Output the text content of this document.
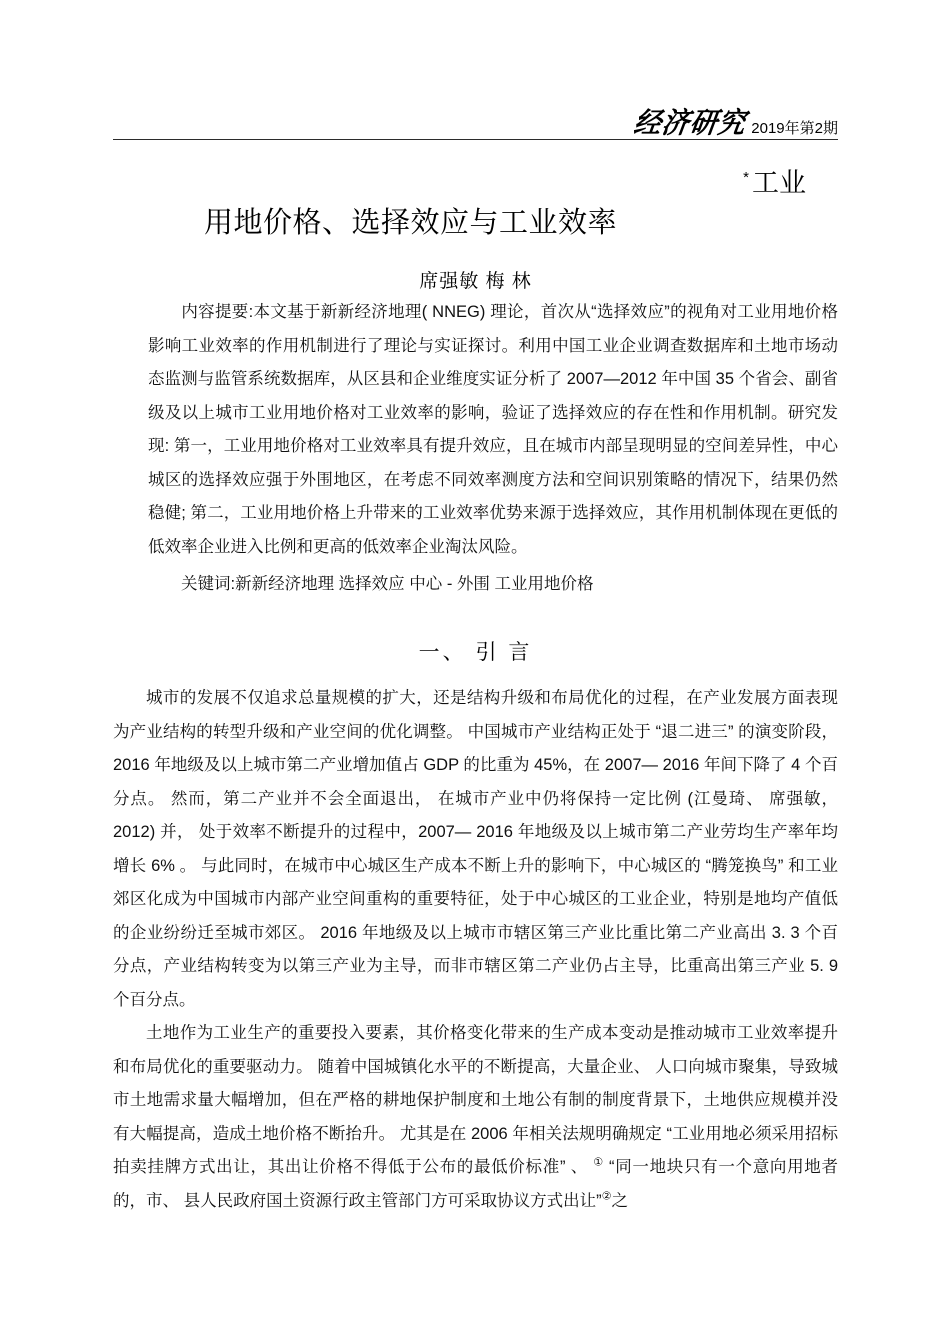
经济研究 2019年第2期
* 工业
用地价格、选择效应与工业效率
席强敏 梅 林
内容提要:本文基于新新经济地理( NNEG) 理论，首次从“选择效应”的视角对工业用地价格影响工业效率的作用机制进行了理论与实证探讨。利用中国工业企业调查数据库和土地市场动态监测与监管系统数据库，从区县和企业维度实证分析了 2007—2012 年中国 35 个省会、副省级及以上城市工业用地价格对工业效率的影响，验证了选择效应的存在性和作用机制。研究发现: 第一，工业用地价格对工业效率具有提升效应，且在城市内部呈现明显的空间差异性，中心城区的选择效应强于外围地区，在考虑不同效率测度方法和空间识别策略的情况下，结果仍然稳健; 第二，工业用地价格上升带来的工业效率优势来源于选择效应，其作用机制体现在更低的低效率企业进入比例和更高的低效率企业淘汰风险。
关键词:新新经济地理 选择效应 中心 - 外围 工业用地价格
一、 引 言

城市的发展不仅追求总量规模的扩大，还是结构升级和布局优化的过程，在产业发展方面表现为产业结构的转型升级和产业空间的优化调整。 中国城市产业结构正处于 “退二进三” 的演变阶段，2016 年地级及以上城市第二产业增加值占 GDP 的比重为 45%，在 2007— 2016 年间下降了 4 个百分点。 然而，第二产业并不会全面退出， 在城市产业中仍将保持一定比例 (江曼琦、 席强敏， 2012) 并， 处于效率不断提升的过程中，2007— 2016 年地级及以上城市第二产业劳均生产率年均增长 6% 。 与此同时，在城市中心城区生产成本不断上升的影响下，中心城区的 “腾笼换鸟” 和工业郊区化成为中国城市内部产业空间重构的重要特征，处于中心城区的工业企业，特别是地均产值低的企业纷纷迁至城市郊区。 2016 年地级及以上城市市辖区第三产业比重比第二产业高出 3. 3 个百分点，产业结构转变为以第三产业为主导，而非市辖区第二产业仍占主导，比重高出第三产业 5. 9 个百分点。

土地作为工业生产的重要投入要素，其价格变化带来的生产成本变动是推动城市工业效率提升和布局优化的重要驱动力。 随着中国城镇化水平的不断提高，大量企业、 人口向城市聚集，导致城市土地需求量大幅增加，但在严格的耕地保护制度和土地公有制的制度背景下，土地供应规模并没有大幅提高，造成土地价格不断抬升。 尤其是在 2006 年相关法规明确规定 “工业用地必须采用招标拍卖挂牌方式出让，其出让价格不得低于公布的最低价标准” 、 ① “同一地块只有一个意向用地者的，市、 县人民政府国土资源行政主管部门方可采取协议方式出让”②之
